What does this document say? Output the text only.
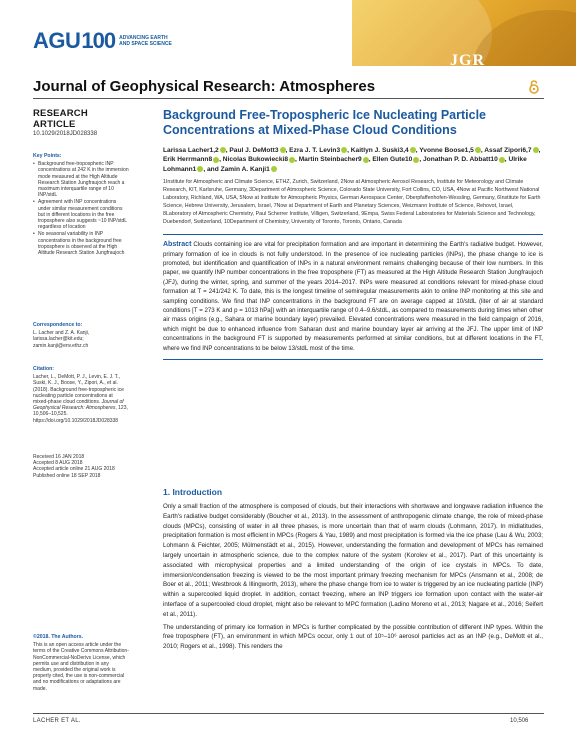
AGU 100 ADVANCING EARTH AND SPACE SCIENCE
JGR
Journal of Geophysical Research: Atmospheres
RESEARCH ARTICLE
10.1029/2018JD028338
Key Points:
• Background free-tropospheric INP concentrations at 242 K in the immersion mode measured at the High Altitude Research Station Jungfraujoch reach a maximum interquartile range of 10 INP/stdL
• Agreement with INP concentrations under similar measurement conditions but in different locations in the free troposphere also suggests ~10 INP/stdL regardless of location
• No seasonal variability in INP concentrations in the background free troposphere is observed at the High Altitude Research Station Jungfraujoch
Correspondence to:
L. Lacher and Z. A. Kanji,
larissa.lacher@kit.edu; zamin.kanji@env.ethz.ch
Citation:
Lacher, L., DeMott, P. J., Levin, E. J. T., Suski, K. J., Boose, Y., Zipori, A., et al. (2018). Background free-tropospheric ice nucleating particle concentrations at mixed-phase cloud conditions. Journal of Geophysical Research: Atmospheres, 123, 10,506–10,525. https://doi.org/10.1029/2018JD028338
Received 16 JAN 2018
Accepted 8 AUG 2018
Accepted article online 21 AUG 2018
Published online 18 SEP 2018
©2018. The Authors.
This is an open access article under the terms of the Creative Commons Attribution-NonCommercial-NoDerivs License, which permits use and distribution in any medium, provided the original work is properly cited, the use is non-commercial and no modifications or adaptations are made.
Background Free-Tropospheric Ice Nucleating Particle Concentrations at Mixed-Phase Cloud Conditions
Larissa Lacher1,2 , Paul J. DeMott3 , Ezra J. T. Levin3 , Kaitlyn J. Suski3,4 , Yvonne Boose1,5 , Assaf Zipori6,7 , Erik Herrmann8 , Nicolas Bukowiecki8 , Martin Steinbacher9 , Ellen Gute10 , Jonathan P. D. Abbatt10 , Ulrike Lohmann1 , and Zamin A. Kanji1
1Institute for Atmospheric and Climate Science, ETHZ, Zurich, Switzerland, 2Now at Atmospheric Aerosol Research, Institute for Meteorology and Climate Research, KIT, Karlsruhe, Germany, 3Department of Atmospheric Science, Colorado State University, Fort Collins, CO, USA, 4Now at Pacific Northwest National Laboratory, Richland, WA, USA, 5Now at Institute for Atmospheric Physics, German Aerospace Center, Oberpfaffenhofen-Wessling, Germany, 6Institute for Earth Science, Hebrew University, Jerusalem, Israel, 7Now at Department of Earth and Planetary Sciences, Weizmann Institute of Science, Rehovot, Israel, 8Laboratory of Atmospheric Chemistry, Paul Scherrer Institute, Villigen, Switzerland, 9Empa, Swiss Federal Laboratories for Materials Science and Technology, Duebendorf, Switzerland, 10Department of Chemistry, University of Toronto, Toronto, Ontario, Canada
Abstract Clouds containing ice are vital for precipitation formation and are important in determining the Earth's radiative budget. However, primary formation of ice in clouds is not fully understood. In the presence of ice nucleating particles (INPs), the phase change to ice is promoted, but identification and quantification of INPs in a natural environment remains challenging because of their low numbers. In this paper, we quantify INP number concentrations in the free troposphere (FT) as measured at the High Altitude Research Station Jungfraujoch (JFJ), during the winter, spring, and summer of the years 2014–2017. INPs were measured at conditions relevant for mixed-phase cloud formation at T = 241/242 K. To date, this is the longest timeline of semiregular measurements akin to online INP monitoring at this site and sampling conditions. We find that INP concentrations in the background FT are on average capped at 10/stdL (liter of air at standard conditions [T = 273 K and p = 1013 hPa]) with an interquartile range of 0.4–9.6/stdL, as compared to measurements during times when other air mass origins (e.g., Sahara or marine boundary layer) prevailed. Elevated concentrations were measured in the field campaign of 2016, which might be due to enhanced influence from Saharan dust and marine boundary layer air arriving at the JFJ. The upper limit of INP concentrations in the background FT is supported by measurements performed at similar conditions, but at different locations in the FT, where we find INP concentrations to be below 13/stdL most of the time.
1. Introduction

Only a small fraction of the atmosphere is composed of clouds, but their interactions with shortwave and longwave radiation influence the Earth's radiative budget considerably (Boucher et al., 2013). In the assessment of anthropogenic climate change, the role of mixed-phase clouds (MPCs), consisting of water in all three phases, is more uncertain than that of warm clouds (Lohmann, 2017). In midlatitudes, precipitation formation is most efficient in MPCs (Rogers & Yau, 1989) and most precipitation is formed via the ice phase (Lau & Wu, 2003; Lohmann & Feichter, 2005; Mülmenstädt et al., 2015). However, understanding the formation and development of MPCs has remained largely uncertain in atmospheric science, due to the complex nature of the system (Korolev et al., 2017). Part of this uncertainty is associated with microphysical properties and a limited understanding of the origin of ice crystals in MPCs. To date, immersion/condensation freezing is viewed to be the most important primary freezing mechanism for MPCs (Ansmann et al., 2008; de Boer et al., 2011; Westbrook & Illingworth, 2013), where the phase change from ice to water is triggered by an ice nucleating particle (INP) within a supercooled liquid droplet. In addition, contact freezing, where an INP triggers ice formation upon contact with the water-air interface of a supercooled cloud droplet, might also be relevant to MPC formation (Ladino Moreno et al., 2013; Nagare et al., 2016; Seifert et al., 2011).

The understanding of primary ice formation in MPCs is further complicated by the possible contribution of different INP types. Within the free troposphere (FT), an environment in which MPCs occur, only 1 out of 10⁵–10⁶ aerosol particles act as an INP (e.g., DeMott et al., 2010; Rogers et al., 1998). This renders the

LACHER ET AL.	10,506
